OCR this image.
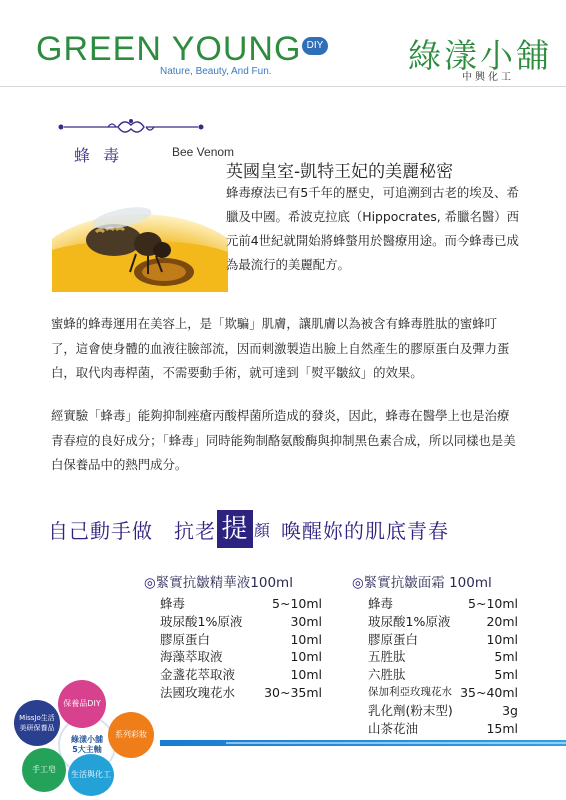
GREEN YOUNG DIY
Nature, Beauty, And Fun.	綠漾小舖
中興化工
蜂 毒	Bee Venom
英國皇室-凱特王妃的美麗秘密
蜂毒療法已有5千年的歷史，可追溯到古老的埃及、希臘及中國。希波克拉底（Hippocrates, 希臘名醫）西元前4世紀就開始將蜂螫用於醫療用途。而今蜂毒已成為最流行的美麗配方。
蜜蜂的蜂毒運用在美容上，是「欺騙」肌膚，讓肌膚以為被含有蜂毒胜肽的蜜蜂叮了，這會使身體的血液往臉部流，因而刺激製造出臉上自然產生的膠原蛋白及彈力蛋白，取代肉毒桿菌，不需要動手術，就可達到「熨平皺紋」的效果。
經實驗「蜂毒」能夠抑制痤瘡丙酸桿菌所造成的發炎，因此，蜂毒在醫學上也是治療青春痘的良好成分；「蜂毒」同時能夠制酪氨酸酶與抑制黑色素合成，所以同樣也是美白保養品中的熱門成分。
自己動手做　抗老 提 顏 喚醒妳的肌底青春
◎緊實抗皺精華液100ml
蜂毒	5~10ml
玻尿酸1%原液	30ml
膠原蛋白	10ml
海藻萃取液	10ml
金盞花萃取液	10ml
法國玫瑰花水 30~35ml
◎緊實抗皺面霜 100ml
蜂毒	5~10ml
玻尿酸1%原液	20ml
膠原蛋白	10ml
五胜肽	5ml
六胜肽	5ml
保加利亞玫瑰花水 35~40ml
乳化劑(粉末型)	3g
山茶花油	15ml
綠漾小舖
5大主軸
MissJo生活美研保養品
保養品DIY
系列彩妝
手工皂
生活與化工
